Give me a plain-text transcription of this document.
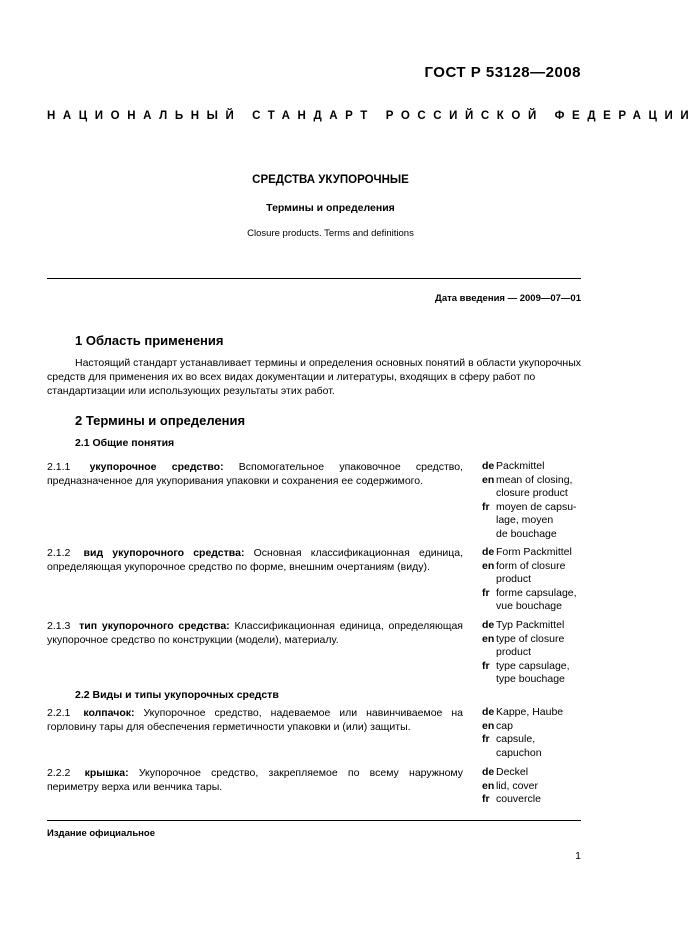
ГОСТ Р 53128—2008
НАЦИОНАЛЬНЫЙ СТАНДАРТ РОССИЙСКОЙ ФЕДЕРАЦИИ
СРЕДСТВА УКУПОРОЧНЫЕ
Термины и определения
Closure products. Terms and definitions
Дата введения — 2009—07—01
1 Область применения
Настоящий стандарт устанавливает термины и определения основных понятий в области укупорочных средств для применения их во всех видах документации и литературы, входящих в сферу работ по стандартизации или использующих результаты этих работ.
2 Термины и определения
2.1 Общие понятия
2.1.1 укупорочное средство: Вспомогательное упаковочное средство, предназначенное для укупоривания упаковки и сохранения ее содержимого.
de Packmittel
en mean of closing,
closure product
fr moyen de capsu-
lage, moyen
de bouchage
2.1.2 вид укупорочного средства: Основная классификационная единица, определяющая укупорочное средство по форме, внешним очертаниям (виду).
de Form Packmittel
en form of closure
product
fr forme capsulage,
vue bouchage
2.1.3 тип укупорочного средства: Классификационная единица, определяющая укупорочное средство по конструкции (модели), материалу.
de Typ Packmittel
en type of closure
product
fr type capsulage,
type bouchage
2.2 Виды и типы укупорочных средств
2.2.1 колпачок: Укупорочное средство, надеваемое или навинчиваемое на горловину тары для обеспечения герметичности упаковки и (или) защиты.
de Kappe, Haube
en cap
fr capsule,
capuchon
2.2.2 крышка: Укупорочное средство, закрепляемое по всему наружному периметру верха или венчика тары.
de Deckel
en lid, cover
fr couvercle
Издание официальное
1
